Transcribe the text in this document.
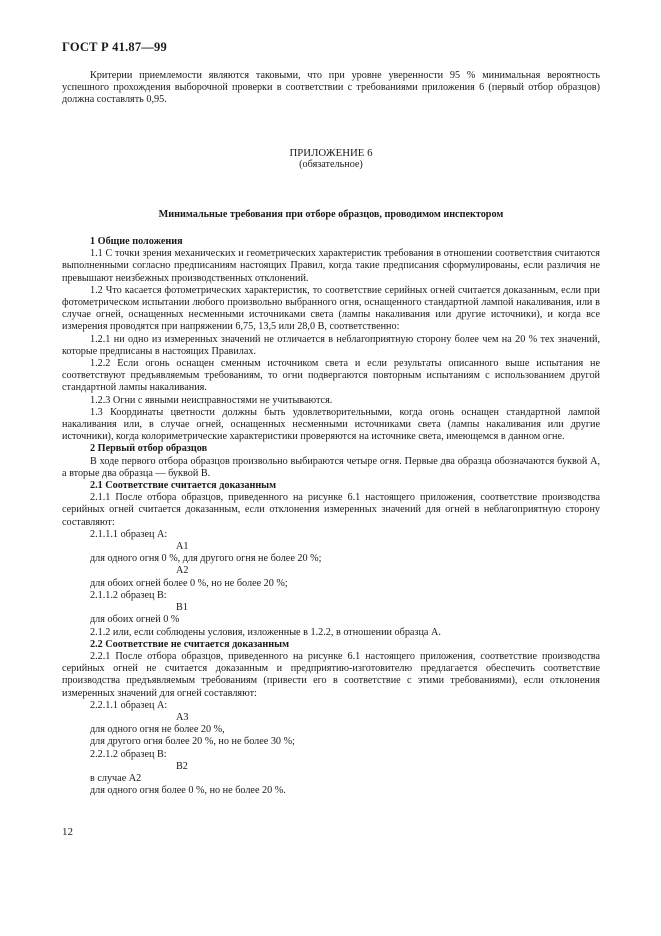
ГОСТ Р 41.87—99

Критерии приемлемости являются таковыми, что при уровне уверенности 95 % минимальная вероятность успешного прохождения выборочной проверки в соответствии с требованиями приложения 6 (первый отбор образцов) должна составлять 0,95.

ПРИЛОЖЕНИЕ 6
(обязательное)
Минимальные требования при отборе образцов, проводимом инспектором

1 Общие положения

1.1 С точки зрения механических и геометрических характеристик требования в отношении соответствия считаются выполненными согласно предписаниям настоящих Правил, когда такие предписания сформулированы, если различия не превышают неизбежных производственных отклонений.

1.2 Что касается фотометрических характеристик, то соответствие серийных огней считается доказанным, если при фотометрическом испытании любого произвольно выбранного огня, оснащенного стандартной лампой накаливания, или в случае огней, оснащенных несменными источниками света (лампы накаливания или другие источники), и когда все измерения проводятся при напряжении 6,75, 13,5 или 28,0 В, соответственно:

1.2.1 ни одно из измеренных значений не отличается в неблагоприятную сторону более чем на 20 % тех значений, которые предписаны в настоящих Правилах.

1.2.2 Если огонь оснащен сменным источником света и если результаты описанного выше испытания не соответствуют предъявляемым требованиям, то огни подвергаются повторным испытаниям с использованием другой стандартной лампы накаливания.

1.2.3 Огни с явными неисправностями не учитываются.

1.3 Координаты цветности должны быть удовлетворительными, когда огонь оснащен стандартной лампой накаливания или, в случае огней, оснащенных несменными источниками света (лампы накаливания или другие источники), когда колориметрические характеристики проверяются на источнике света, имеющемся в данном огне.

2 Первый отбор образцов

В ходе первого отбора образцов произвольно выбираются четыре огня. Первые два образца обозначаются буквой А, а вторые два образца — буквой В.

2.1 Соответствие считается доказанным

2.1.1 После отбора образцов, приведенного на рисунке 6.1 настоящего приложения, соответствие производства серийных огней считается доказанным, если отклонения измеренных значений для огней в неблагоприятную сторону составляют:

2.1.1.1 образец А:

A1

для одного огня 0 %, для другого огня не более 20 %;

A2

для обоих огней более 0 %, но не более 20 %;

2.1.1.2 образец В:

B1

для обоих огней 0 %

2.1.2 или, если соблюдены условия, изложенные в 1.2.2, в отношении образца А.

2.2 Соответствие не считается доказанным

2.2.1 После отбора образцов, приведенного на рисунке 6.1 настоящего приложения, соответствие производства серийных огней не считается доказанным и предприятию-изготовителю предлагается обеспечить соответствие производства предъявляемым требованиям (привести его в соответствие с этими требованиями), если отклонения измеренных значений для огней составляют:

2.2.1.1 образец А:

A3

для одного огня не более 20 %,

для другого огня более 20 %, но не более 30 %;

2.2.1.2 образец В:

B2

в случае А2

для одного огня более 0 %, но не более 20 %.

12
